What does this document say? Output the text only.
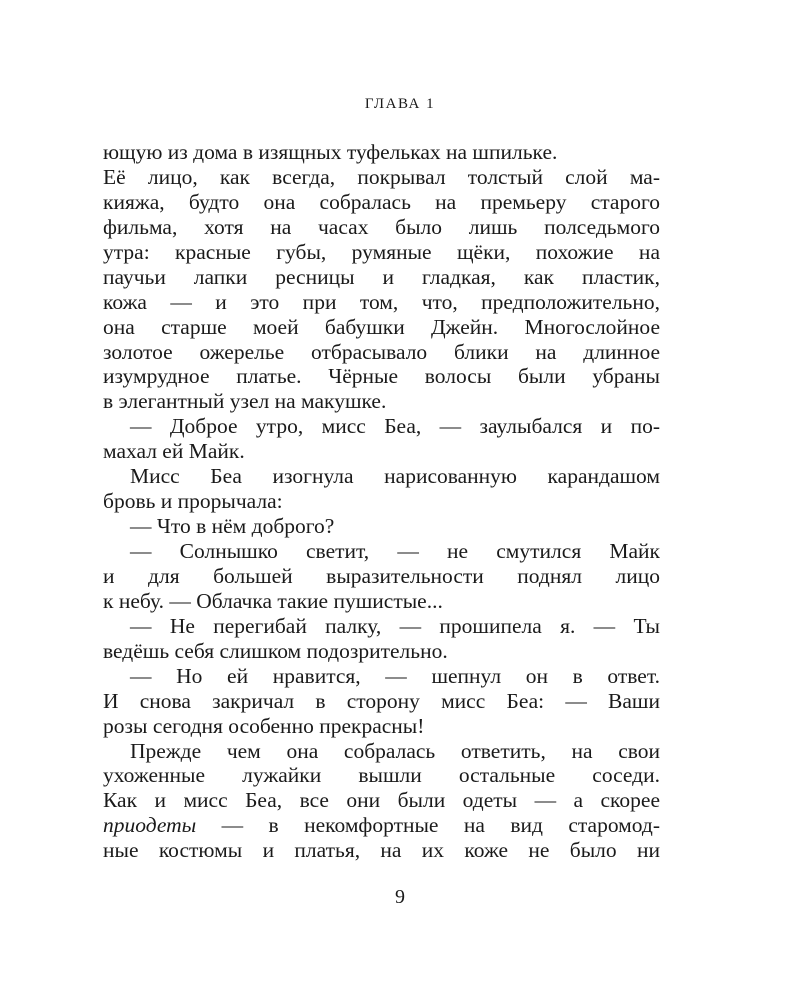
ГЛАВА 1
ющую из дома в изящных туфельках на шпильке.
Её лицо, как всегда, покрывал толстый слой ма-
кияжа, будто она собралась на премьеру старого
фильма, хотя на часах было лишь полседьмого
утра: красные губы, румяные щёки, похожие на
паучьи лапки ресницы и гладкая, как пластик,
кожа — и это при том, что, предположительно,
она старше моей бабушки Джейн. Многослойное
золотое ожерелье отбрасывало блики на длинное
изумрудное платье. Чёрные волосы были убраны
в элегантный узел на макушке.
— Доброе утро, мисс Беа, — заулыбался и по-
махал ей Майк.
Мисс Беа изогнула нарисованную карандашом
бровь и прорычала:
— Что в нём доброго?
— Солнышко светит, — не смутился Майк
и для большей выразительности поднял лицо
к небу. — Облачка такие пушистые...
— Не перегибай палку, — прошипела я. — Ты
ведёшь себя слишком подозрительно.
— Но ей нравится, — шепнул он в ответ.
И снова закричал в сторону мисс Беа: — Ваши
розы сегодня особенно прекрасны!
Прежде чем она собралась ответить, на свои
ухоженные лужайки вышли остальные соседи.
Как и мисс Беа, все они были одеты — а скорее
приодеты — в некомфортные на вид старомод-
ные костюмы и платья, на их коже не было ни
9
